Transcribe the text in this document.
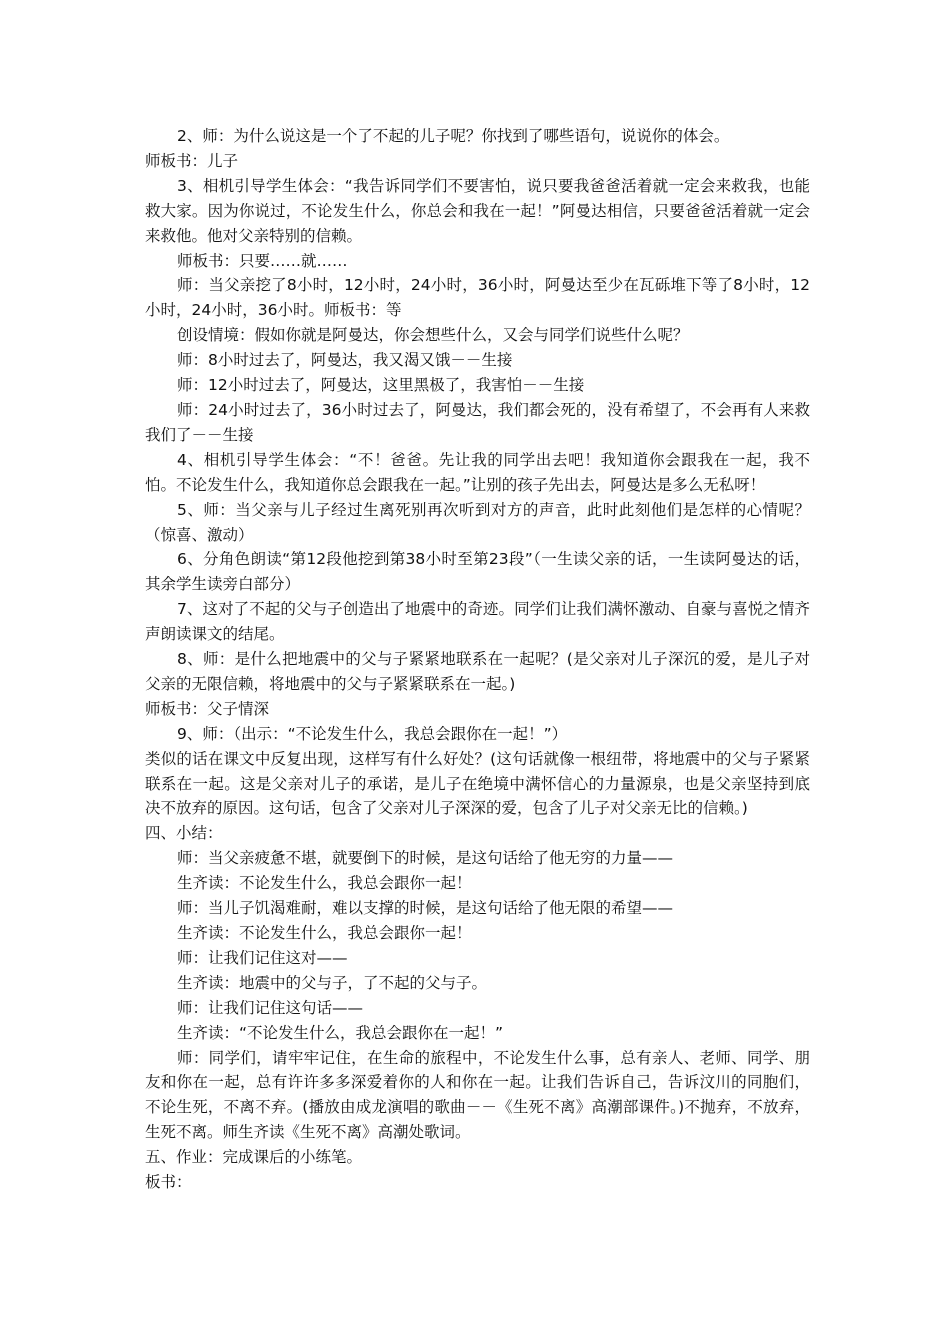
2、师：为什么说这是一个了不起的儿子呢？你找到了哪些语句，说说你的体会。

师板书：儿子

3、相机引导学生体会：“我告诉同学们不要害怕，说只要我爸爸活着就一定会来救我，也能救大家。因为你说过，不论发生什么，你总会和我在一起！”阿曼达相信，只要爸爸活着就一定会来救他。他对父亲特别的信赖。

师板书：只要……就……

师：当父亲挖了8小时，12小时，24小时，36小时，阿曼达至少在瓦砾堆下等了8小时，12小时，24小时，36小时。师板书：等

创设情境：假如你就是阿曼达，你会想些什么，又会与同学们说些什么呢？

师：8小时过去了，阿曼达，我又渴又饿－－生接

师：12小时过去了，阿曼达，这里黑极了，我害怕－－生接

师：24小时过去了，36小时过去了，阿曼达，我们都会死的，没有希望了，不会再有人来救我们了－－生接

4、相机引导学生体会：“不！爸爸。先让我的同学出去吧！我知道你会跟我在一起，我不怕。不论发生什么，我知道你总会跟我在一起。”让别的孩子先出去，阿曼达是多么无私呀！

5、师：当父亲与儿子经过生离死别再次听到对方的声音，此时此刻他们是怎样的心情呢？（惊喜、激动）

6、分角色朗读“第12段他挖到第38小时至第23段”（一生读父亲的话，一生读阿曼达的话，其余学生读旁白部分）

7、这对了不起的父与子创造出了地震中的奇迹。同学们让我们满怀激动、自豪与喜悦之情齐声朗读课文的结尾。

8、师：是什么把地震中的父与子紧紧地联系在一起呢？(是父亲对儿子深沉的爱，是儿子对父亲的无限信赖，将地震中的父与子紧紧联系在一起。)

师板书：父子情深

9、师：（出示：“不论发生什么，我总会跟你在一起！”）

类似的话在课文中反复出现，这样写有什么好处？(这句话就像一根纽带，将地震中的父与子紧紧联系在一起。这是父亲对儿子的承诺，是儿子在绝境中满怀信心的力量源泉，也是父亲坚持到底决不放弃的原因。这句话，包含了父亲对儿子深深的爱，包含了儿子对父亲无比的信赖。)

四、小结：

师：当父亲疲惫不堪，就要倒下的时候，是这句话给了他无穷的力量——

生齐读：不论发生什么，我总会跟你一起！

师：当儿子饥渴难耐，难以支撑的时候，是这句话给了他无限的希望——

生齐读：不论发生什么，我总会跟你一起！

师：让我们记住这对——

生齐读：地震中的父与子，了不起的父与子。

师：让我们记住这句话——

生齐读：“不论发生什么，我总会跟你在一起！”

师：同学们，请牢牢记住，在生命的旅程中，不论发生什么事，总有亲人、老师、同学、朋友和你在一起，总有许许多多深爱着你的人和你在一起。让我们告诉自己，告诉汶川的同胞们，不论生死，不离不弃。(播放由成龙演唱的歌曲－－《生死不离》高潮部课件。)不抛弃，不放弃，生死不离。师生齐读《生死不离》高潮处歌词。

五、作业：完成课后的小练笔。

板书：
